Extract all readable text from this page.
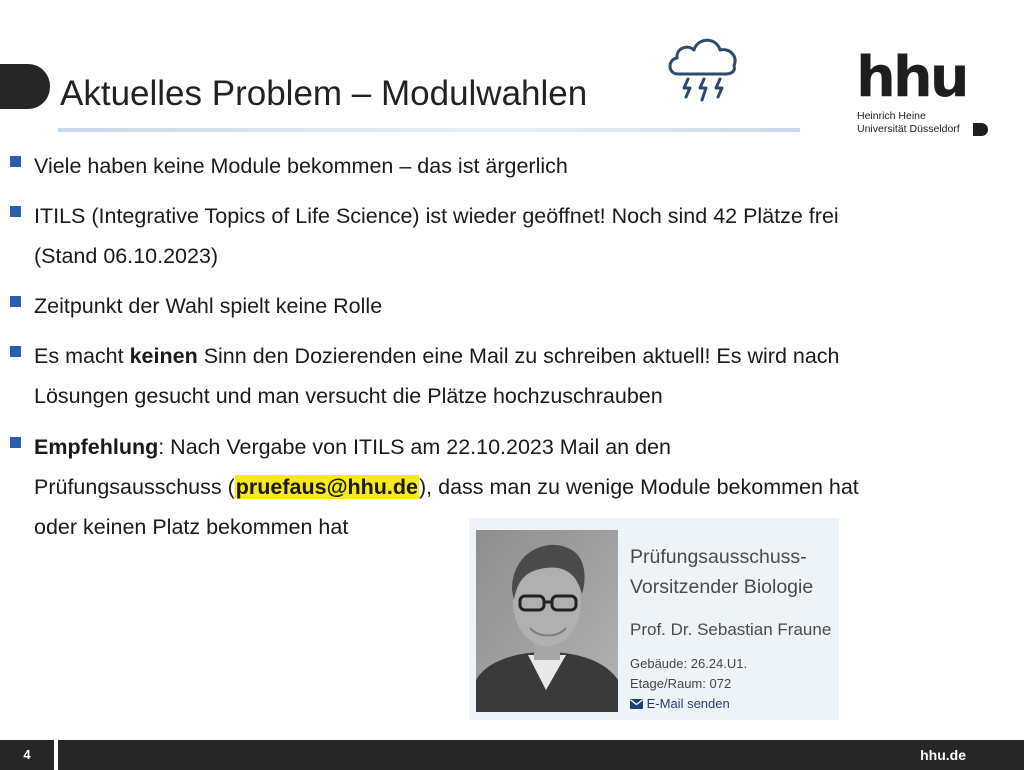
Aktuelles Problem – Modulwahlen	hhu

Heinrich Heine
Universität Düsseldorf
Viele haben keine Module bekommen – das ist ärgerlich
ITILS (Integrative Topics of Life Science) ist wieder geöffnet! Noch sind 42 Plätze frei
(Stand 06.10.2023)
Zeitpunkt der Wahl spielt keine Rolle
Es macht keinen Sinn den Dozierenden eine Mail zu schreiben aktuell! Es wird nach
Lösungen gesucht und man versucht die Plätze hochzuschrauben
Empfehlung: Nach Vergabe von ITILS am 22.10.2023 Mail an den
Prüfungsausschuss (pruefaus@hhu.de), dass man zu wenige Module bekommen hat
oder keinen Platz bekommen hat
Prüfungsausschuss-
Vorsitzender Biologie
Prof. Dr. Sebastian Fraune
Gebäude: 26.24.U1.
Etage/Raum: 072
E-Mail senden
4	hhu.de
